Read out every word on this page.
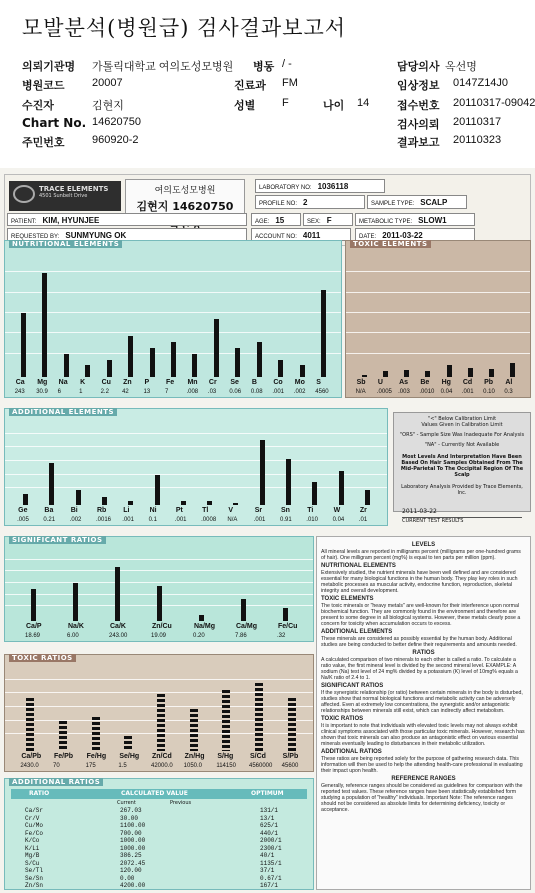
모발분석(병원급) 검사결과보고서
의뢰기관명 가톨릭대학교 여의도성모병원 병동 / -	담당의사 옥선명
병원코드 20007	진료과 FM	임상정보 0147Z14J0
수진자	김현지	성별 F	나이 14	접수번호 20110317-09042
Chart No. 14620750	검사의뢰 20110317
주민번호 960920-2	결과보고 20110323
TRACE ELEMENTS
4501 Sunbelt Drive	여의도성모병원
김현지 14620750
LABORATORY NO: 1036118
PROFILE NO: 2	SAMPLE TYPE: SCALP
PATIENT: KIM, HYUNJEE	AGE: 15	SEX: F	METABOLIC TYPE: SLOW1
REQUESTED BY: SUNMYUNG OK	ACCOUNT NO: 4011	DATE: 2011-03-22
NUTRITIONAL ELEMENTS
Ca
243
Mg
30.9
Na
6
K
1
Cu
2.2
Zn
42
P
13
Fe
7
Mn
.008
Cr
.03
Se
0.06
B
0.08
Co
.001
Mo
.002
S
4560
TOXIC ELEMENTS
Sb
N/A
U
.0005
As
.003
Be
.0010
Hg
0.04
Cd
.001
Pb
0.10
Al
0.3
ADDITIONAL ELEMENTS
Ge
.005
Ba
0.21
Bi
.002
Rb
.0016
Li
.001
Ni
0.1
Pt
.001
Tl
.0008
V
N/A
Sr
.001
Sn
0.91
Ti
.010
W
0.04
Zr
.01
"<" Below Calibration Limit
Values Given in Calibration Limit
"ORS" - Sample Size Was Inadequate For Analysis
"NA" - Currently Not Available
Most Levels And Interpretation Have Been Based On Hair Samples Obtained From The Mid-Parietal To The Occipital Region Of The Scalp
Laboratory Analysis Provided by Trace Elements, Inc.
2011-03-22
CURRENT TEST RESULTS
SIGNIFICANT RATIOS
Ca/P
18.69
Na/K
6.00
Ca/K
243.00
Zn/Cu
19.09
Na/Mg
0.20
Ca/Mg
7.86
Fe/Cu
.32
TOXIC RATIOS
Ca/Pb
2430.0
Fe/Pb
70
Fe/Hg
175
Se/Hg
1.5
Zn/Cd
42000.0
Zn/Hg
1050.0
S/Hg
114150
S/Cd
4560000
S/Pb
45600
ADDITIONAL RATIOS
RATIO	CALCULATED VALUE	OPTIMUM
Current	Previous
Ca/Sr	267.03	131/1
Cr/V	30.00	13/1
Cu/Mo	1100.00	625/1
Fe/Co	700.00	440/1
K/Co	1000.00	2000/1
K/Li	1000.00	2300/1
Mg/B	386.25	40/1
S/Cu	2072.45	1135/1
Se/Tl	120.00	37/1
Se/Sn	0.00	0.67/1
Zn/Sn	4200.00	167/1
LEVELS

All mineral levels are reported in milligrams percent (milligrams per one-hundred grams of hair). One milligram percent (mg%) is equal to ten parts per million (ppm).

NUTRITIONAL ELEMENTS

Extensively studied, the nutrient minerals have been well defined and are considered essential for many biological functions in the human body. They play key roles in such metabolic processes as muscular activity, endocrine function, reproduction, skeletal integrity and overall development.

TOXIC ELEMENTS

The toxic minerals or "heavy metals" are well-known for their interference upon normal biochemical function. They are commonly found in the environment and therefore are present to some degree in all biological systems. However, these metals clearly pose a concern for toxicity when accumulation occurs to excess.

ADDITIONAL ELEMENTS

These minerals are considered as possibly essential by the human body. Additional studies are being conducted to better define their requirements and amounts needed.

RATIOS

A calculated comparison of two minerals to each other is called a ratio. To calculate a ratio value, the first mineral level is divided by the second mineral level. EXAMPLE: A sodium (Na) test level of 24 mg% divided by a potassium (K) level of 10mg% equals a Na/K ratio of 2.4 to 1.

SIGNIFICANT RATIOS

If the synergistic relationship (or ratio) between certain minerals in the body is disturbed, studies show that normal biological functions and metabolic activity can be adversely affected. Even at extremely low concentrations, the synergistic and/or antagonistic relationships between minerals still exist, which can indirectly affect metabolism.

TOXIC RATIOS

It is important to note that individuals with elevated toxic levels may not always exhibit clinical symptoms associated with those particular toxic minerals. However, research has shown that toxic minerals can also produce an antagonistic effect on various essential minerals eventually leading to disturbances in their metabolic utilization.

ADDITIONAL RATIOS

These ratios are being reported solely for the purpose of gathering research data. This information will then be used to help the attending health-care professional in evaluating their impact upon health.

REFERENCE RANGES

Generally, reference ranges should be considered as guidelines for comparison with the reported test values. These reference ranges have been statistically established form studying a population of "healthy" individuals. Important Note: The reference ranges should not be considered as absolute limits for determining deficiency, toxicity or acceptance.
